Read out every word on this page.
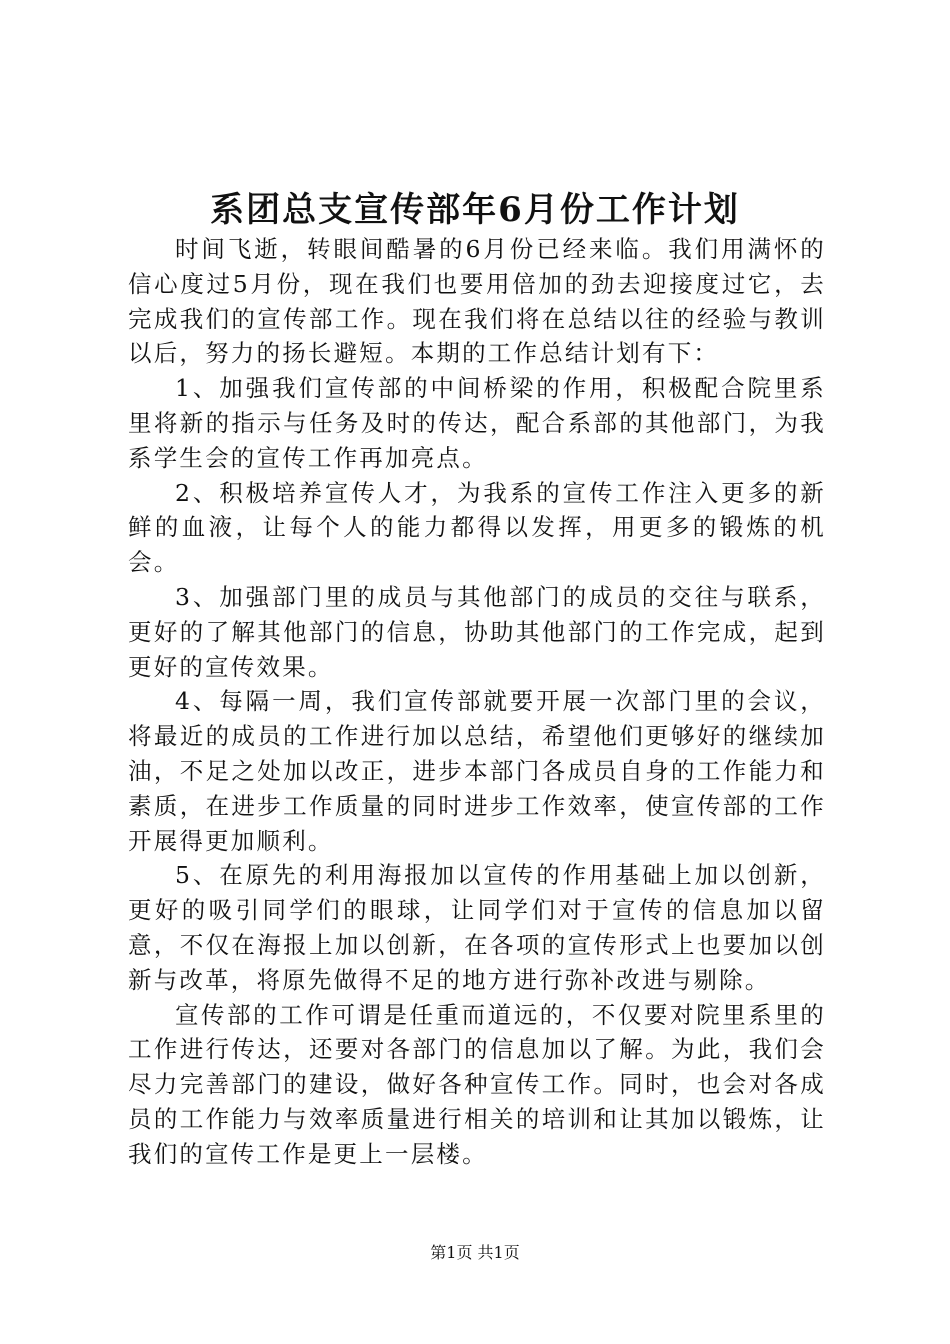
系团总支宣传部年6月份工作计划

时间飞逝，转眼间酷暑的6月份已经来临。我们用满怀的信心度过5月份，现在我们也要用倍加的劲去迎接度过它，去完成我们的宣传部工作。现在我们将在总结以往的经验与教训以后，努力的扬长避短。本期的工作总结计划有下：

1、加强我们宣传部的中间桥梁的作用，积极配合院里系里将新的指示与任务及时的传达，配合系部的其他部门，为我系学生会的宣传工作再加亮点。

2、积极培养宣传人才，为我系的宣传工作注入更多的新鲜的血液，让每个人的能力都得以发挥，用更多的锻炼的机会。

3、加强部门里的成员与其他部门的成员的交往与联系，更好的了解其他部门的信息，协助其他部门的工作完成，起到更好的宣传效果。

4、每隔一周，我们宣传部就要开展一次部门里的会议，将最近的成员的工作进行加以总结，希望他们更够好的继续加油，不足之处加以改正，进步本部门各成员自身的工作能力和素质，在进步工作质量的同时进步工作效率，使宣传部的工作开展得更加顺利。

5、在原先的利用海报加以宣传的作用基础上加以创新，更好的吸引同学们的眼球，让同学们对于宣传的信息加以留意，不仅在海报上加以创新，在各项的宣传形式上也要加以创新与改革，将原先做得不足的地方进行弥补改进与剔除。

宣传部的工作可谓是任重而道远的，不仅要对院里系里的工作进行传达，还要对各部门的信息加以了解。为此，我们会尽力完善部门的建设，做好各种宣传工作。同时，也会对各成员的工作能力与效率质量进行相关的培训和让其加以锻炼，让我们的宣传工作是更上一层楼。

第1页 共1页
